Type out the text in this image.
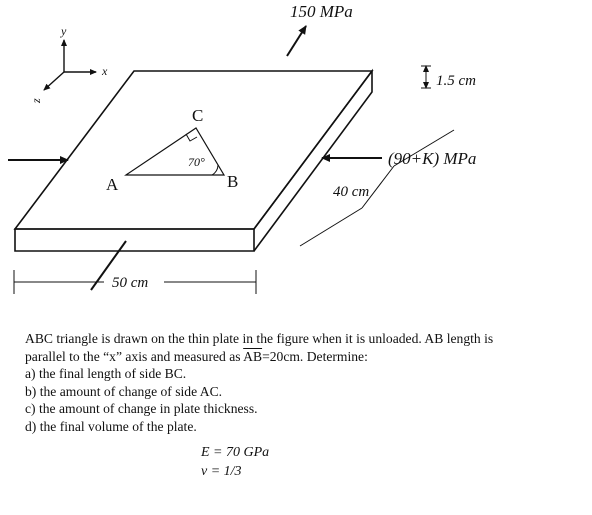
y
x
z
A	B
C
70°
150 MPa
(90+K) MPa
1.5 cm
40 cm
50 cm

ABC triangle is drawn on the thin plate in the figure when it is unloaded. AB length is

parallel to the “x” axis and measured as $\overline{AB}=20cm$. Determine:

a) the final length of side BC.

b) the amount of change of side AC.

c) the amount of change in plate thickness.

d) the final volume of the plate.

E = 70 GPa
ν = 1/3
